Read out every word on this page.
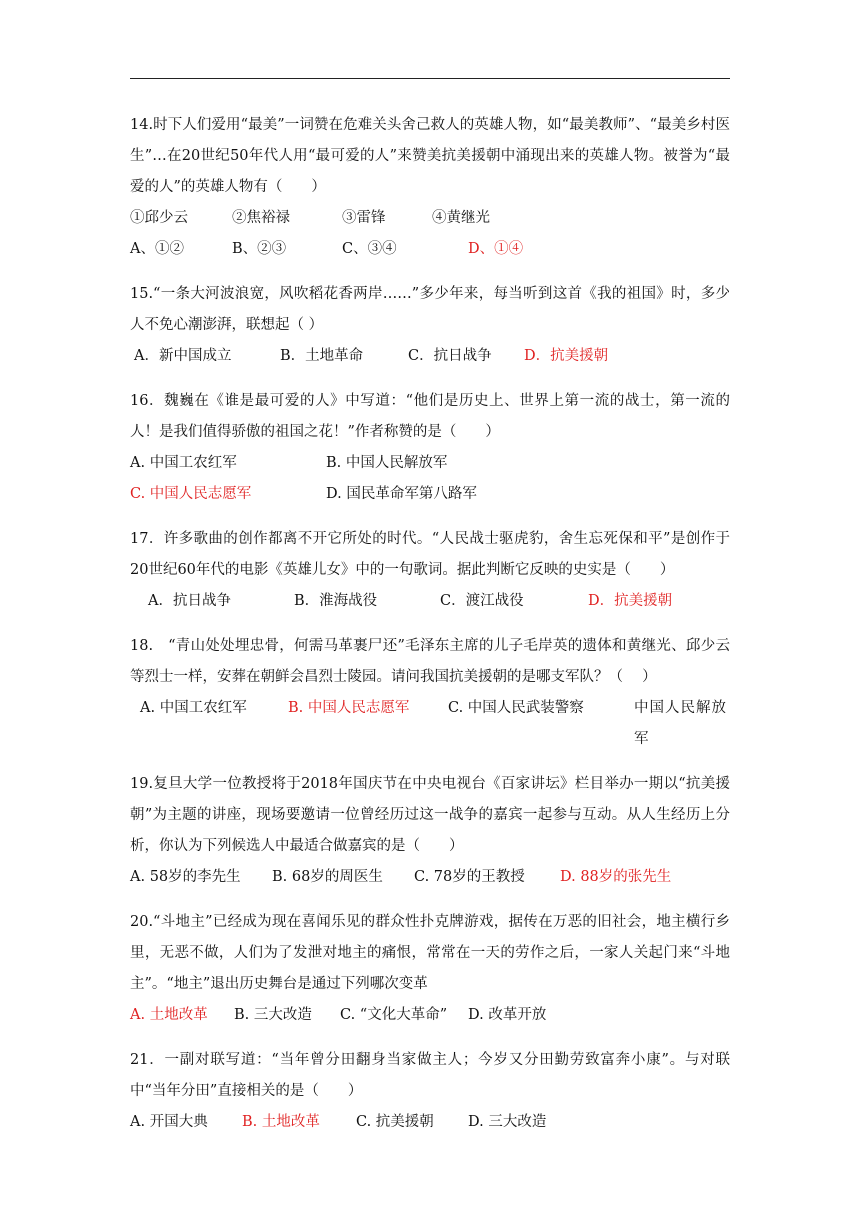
14.时下人们爱用“最美”一词赞在危难关头舍己救人的英雄人物，如“最美教师”、“最美乡村医生”…在20世纪50年代人用“最可爱的人”来赞美抗美援朝中涌现出来的英雄人物。被誉为“最爱的人”的英雄人物有（　　）

①邱少云	②焦裕禄	③雷锋	④黄继光
A、①②	B、②③	C、③④	D、①④

15.“一条大河波浪宽，风吹稻花香两岸……”多少年来，每当听到这首《我的祖国》时，多少人不免心潮澎湃，联想起（ ）

A．新中国成立	B．土地革命	C．抗日战争	D．抗美援朝

16．魏巍在《谁是最可爱的人》中写道：“他们是历史上、世界上第一流的战士，第一流的人！是我们值得骄傲的祖国之花！”作者称赞的是（　　）

A. 中国工农红军	B. 中国人民解放军
C. 中国人民志愿军	D. 国民革命军第八路军

17．许多歌曲的创作都离不开它所处的时代。“人民战士驱虎豹，舍生忘死保和平”是创作于20世纪60年代的电影《英雄儿女》中的一句歌词。据此判断它反映的史实是（　　）

A．抗日战争	B．淮海战役	C．渡江战役	D．抗美援朝

18.　“青山处处埋忠骨，何需马革裹尸还”毛泽东主席的儿子毛岸英的遗体和黄继光、邱少云等烈士一样，安葬在朝鲜会昌烈士陵园。请问我国抗美援朝的是哪支军队？（　 ）

A. 中国工农红军	B. 中国人民志愿军	C. 中国人民武装警察	中国人民解放军

19.复旦大学一位教授将于2018年国庆节在中央电视台《百家讲坛》栏目举办一期以“抗美援朝”为主题的讲座，现场要邀请一位曾经历过这一战争的嘉宾一起参与互动。从人生经历上分析，你认为下列候选人中最适合做嘉宾的是（　　）

A. 58岁的李先生	B. 68岁的周医生	C. 78岁的王教授	D. 88岁的张先生

20.“斗地主”已经成为现在喜闻乐见的群众性扑克牌游戏，据传在万恶的旧社会，地主横行乡里，无恶不做，人们为了发泄对地主的痛恨，常常在一天的劳作之后，一家人关起门来“斗地主”。“地主”退出历史舞台是通过下列哪次变革

A. 土地改革	B. 三大改造	C. “文化大革命”	D. 改革开放

21．一副对联写道：“当年曾分田翻身当家做主人；今岁又分田勤劳致富奔小康”。与对联中“当年分田”直接相关的是（　　）

A. 开国大典	B. 土地改革	C. 抗美援朝	D. 三大改造
